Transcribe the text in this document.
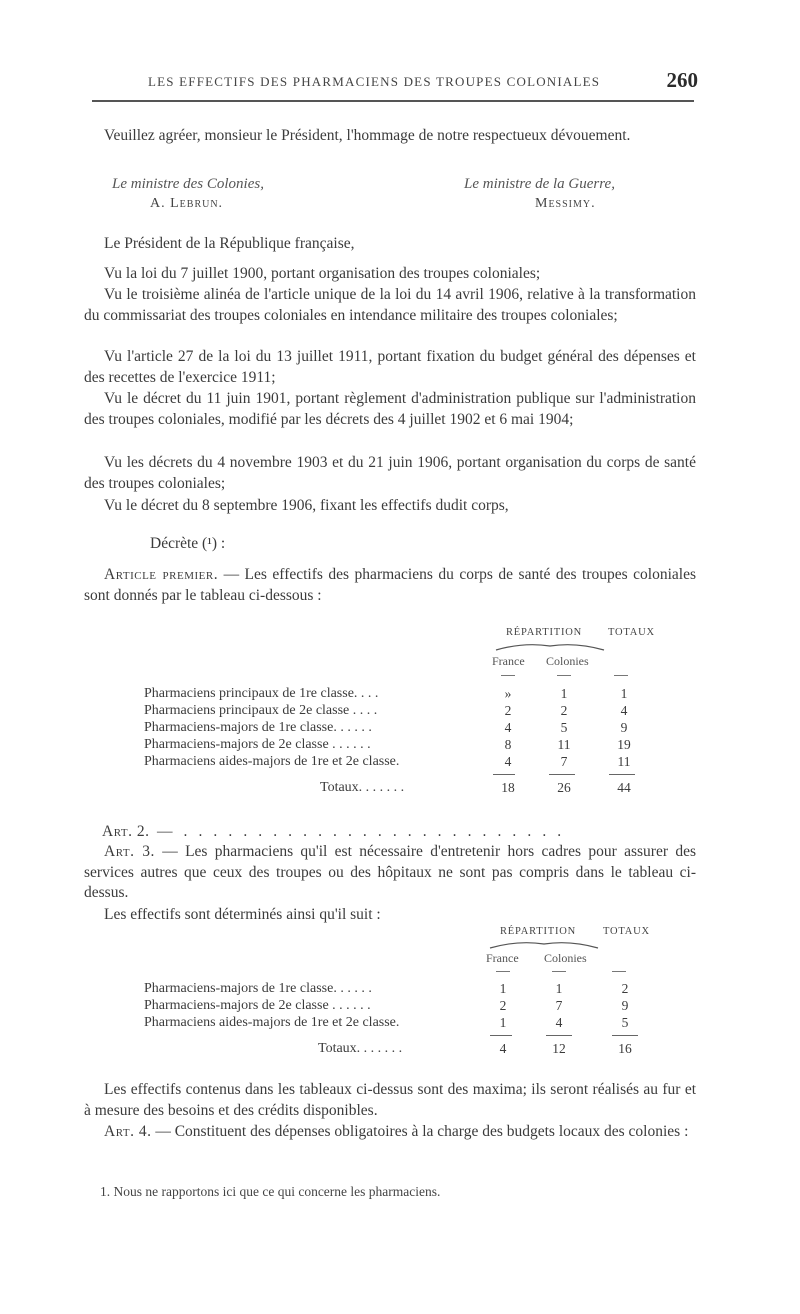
LES EFFECTIFS DES PHARMACIENS DES TROUPES COLONIALES	260

Veuillez agréer, monsieur le Président, l'hommage de notre respectueux dévouement.

Le ministre des Colonies,
A. Lebrun.
Le ministre de la Guerre,
Messimy.

Le Président de la République française,

Vu la loi du 7 juillet 1900, portant organisation des troupes coloniales;

Vu le troisième alinéa de l'article unique de la loi du 14 avril 1906, relative à la transformation du commissariat des troupes coloniales en intendance militaire des troupes coloniales;

Vu l'article 27 de la loi du 13 juillet 1911, portant fixation du budget général des dépenses et des recettes de l'exercice 1911;

Vu le décret du 11 juin 1901, portant règlement d'administration publique sur l'administration des troupes coloniales, modifié par les décrets des 4 juillet 1902 et 6 mai 1904;

Vu les décrets du 4 novembre 1903 et du 21 juin 1906, portant organisation du corps de santé des troupes coloniales;

Vu le décret du 8 septembre 1906, fixant les effectifs dudit corps,

Décrète (¹) :

Article premier. — Les effectifs des pharmaciens du corps de santé des troupes coloniales sont donnés par le tableau ci-dessous :

RÉPARTITION TOTAUX
France Colonies
Pharmaciens principaux de 1re classe. . . .	»	1	1
Pharmaciens principaux de 2e classe . . . .	2	2	4
Pharmaciens-majors de 1re classe. . . . . .	4	5	9
Pharmaciens-majors de 2e classe . . . . . .	8	11	19
Pharmaciens aides-majors de 1re et 2e classe.	4	7	11
Totaux. . . . . . .	18	26	44

Art. 2. — . . . . . . . . . . . . . . . . . . . . . . . . . .

Art. 3. — Les pharmaciens qu'il est nécessaire d'entretenir hors cadres pour assurer des services autres que ceux des troupes ou des hôpitaux ne sont pas compris dans le tableau ci-dessus.

Les effectifs sont déterminés ainsi qu'il suit :

RÉPARTITION	TOTAUX
France Colonies
Pharmaciens-majors de 1re classe. . . . . .	1	1	2
Pharmaciens-majors de 2e classe . . . . . .	2	7	9
Pharmaciens aides-majors de 1re et 2e classe.	1	4	5
Totaux. . . . . . .	4	12	16

Les effectifs contenus dans les tableaux ci-dessus sont des maxima; ils seront réalisés au fur et à mesure des besoins et des crédits disponibles.

Art. 4. — Constituent des dépenses obligatoires à la charge des budgets locaux des colonies :

1. Nous ne rapportons ici que ce qui concerne les pharmaciens.
